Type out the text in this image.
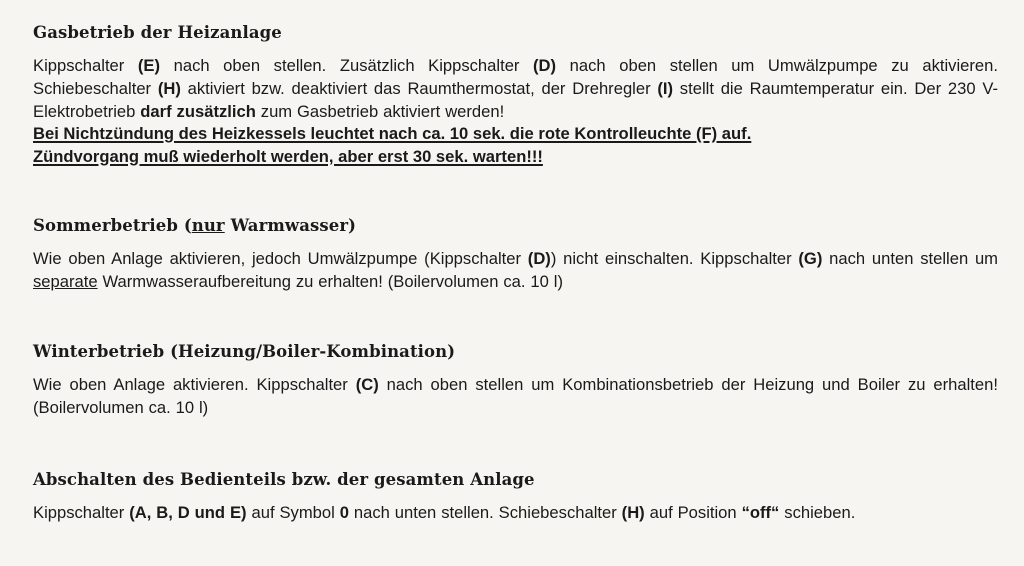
Gasbetrieb der Heizanlage

Kippschalter (E) nach oben stellen. Zusätzlich Kippschalter (D) nach oben stellen um Umwälzpumpe zu aktivieren. Schiebeschalter (H) aktiviert bzw. deaktiviert das Raumthermostat, der Drehregler (I) stellt die Raumtemperatur ein. Der 230 V-Elektrobetrieb darf zusätzlich zum Gasbetrieb aktiviert werden!

Bei Nichtzündung des Heizkessels leuchtet nach ca. 10 sek. die rote Kontrolleuchte (F) auf.

Zündvorgang muß wiederholt werden, aber erst 30 sek. warten!!!

Sommerbetrieb (nur Warmwasser)

Wie oben Anlage aktivieren, jedoch Umwälzpumpe (Kippschalter (D)) nicht einschalten. Kippschalter (G) nach unten stellen um separate Warmwasseraufbereitung zu erhalten! (Boilervolumen ca. 10 l)

Winterbetrieb (Heizung/Boiler-Kombination)

Wie oben Anlage aktivieren. Kippschalter (C) nach oben stellen um Kombinationsbetrieb der Heizung und Boiler zu erhalten! (Boilervolumen ca. 10 l)

Abschalten des Bedienteils bzw. der gesamten Anlage

Kippschalter (A, B, D und E) auf Symbol 0 nach unten stellen. Schiebeschalter (H) auf Position “off“ schieben.
